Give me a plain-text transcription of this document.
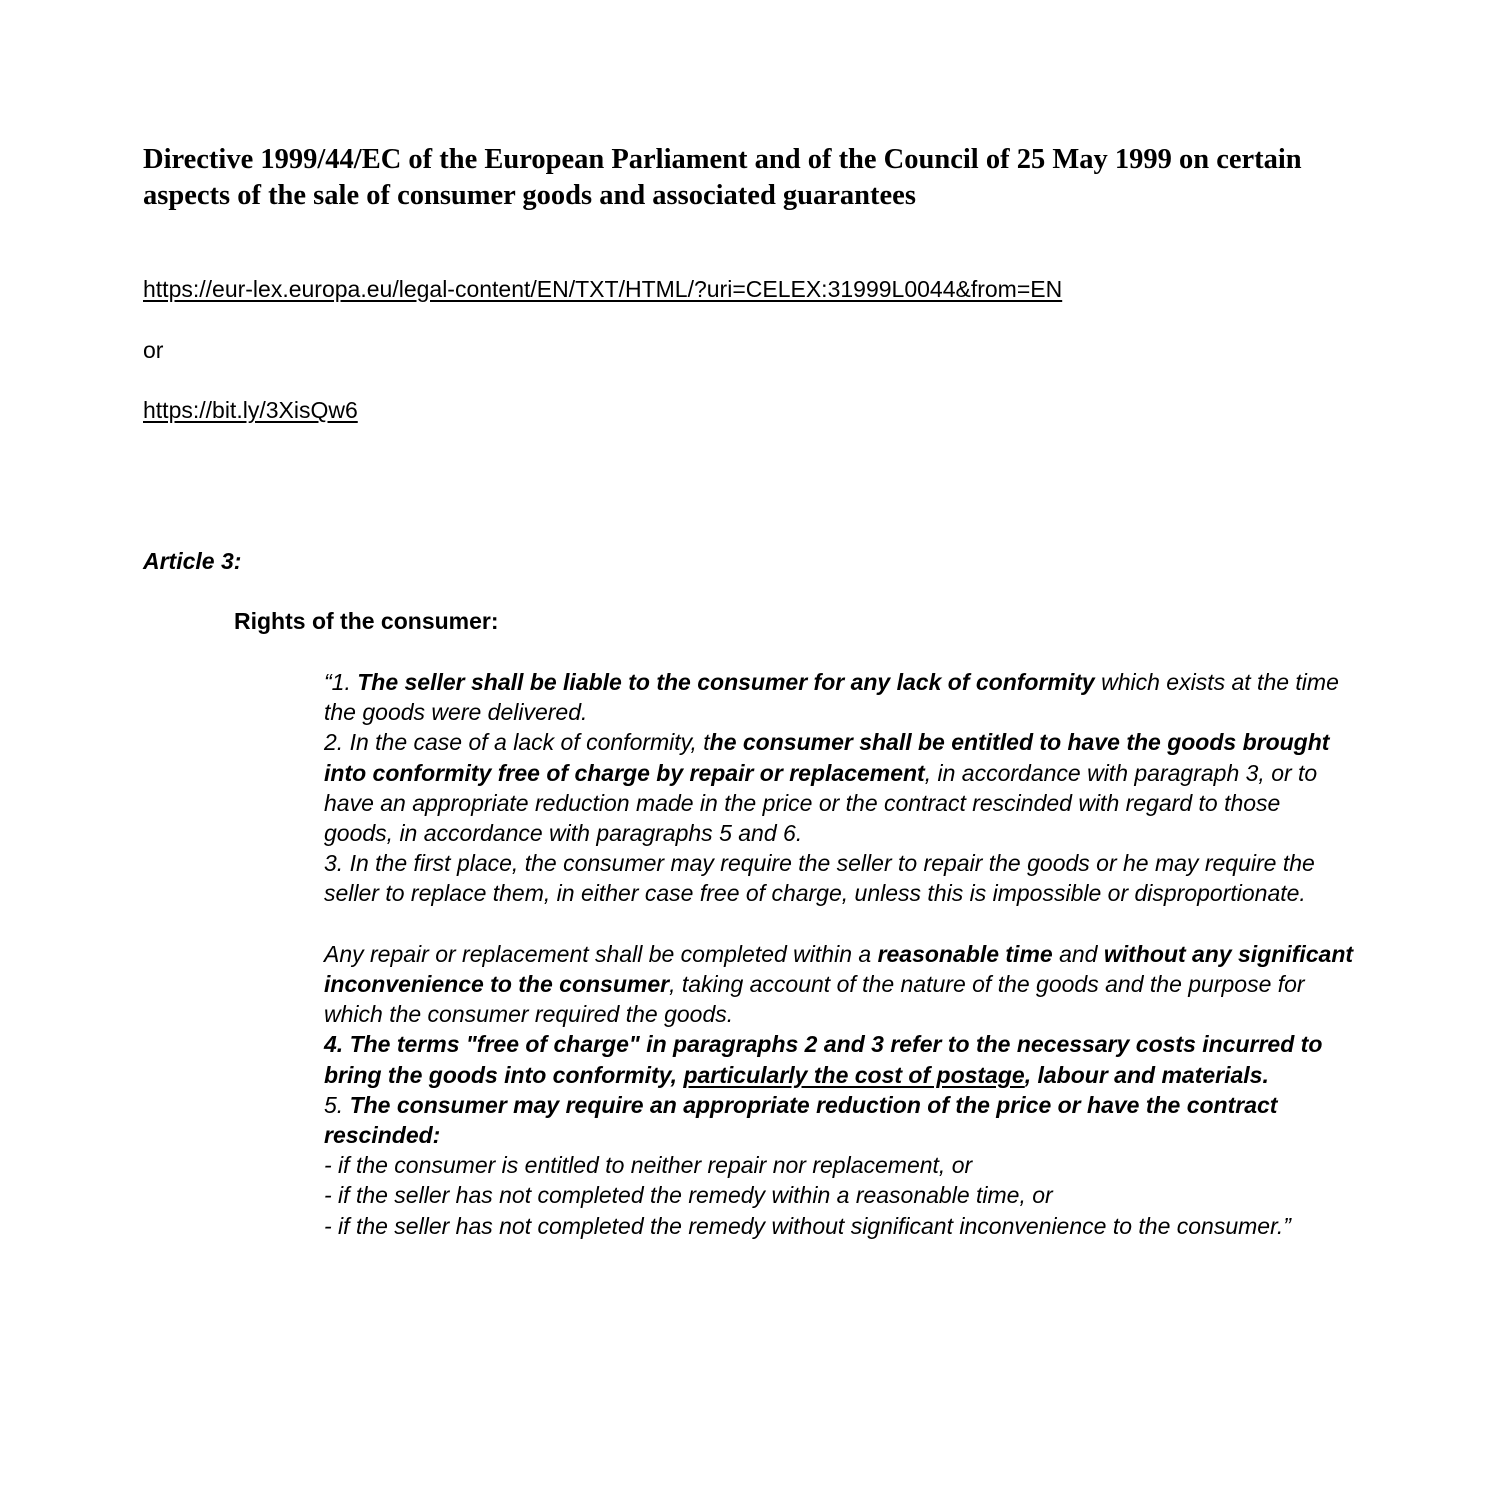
Directive 1999/44/EC of the European Parliament and of the Council of 25 May 1999 on certain aspects of the sale of consumer goods and associated guarantees
https://eur-lex.europa.eu/legal-content/EN/TXT/HTML/?uri=CELEX:31999L0044&from=EN
or
https://bit.ly/3XisQw6
Article 3:
Rights of the consumer:

“1. The seller shall be liable to the consumer for any lack of conformity which exists at the time the goods were delivered.

2. In the case of a lack of conformity, the consumer shall be entitled to have the goods brought into conformity free of charge by repair or replacement, in accordance with paragraph 3, or to have an appropriate reduction made in the price or the contract rescinded with regard to those goods, in accordance with paragraphs 5 and 6.

3. In the first place, the consumer may require the seller to repair the goods or he may require the seller to replace them, in either case free of charge, unless this is impossible or disproportionate.

Any repair or replacement shall be completed within a reasonable time and without any significant inconvenience to the consumer, taking account of the nature of the goods and the purpose for which the consumer required the goods.

4. The terms "free of charge" in paragraphs 2 and 3 refer to the necessary costs incurred to bring the goods into conformity, particularly the cost of postage, labour and materials.

5. The consumer may require an appropriate reduction of the price or have the contract rescinded:

- if the consumer is entitled to neither repair nor replacement, or

- if the seller has not completed the remedy within a reasonable time, or

- if the seller has not completed the remedy without significant inconvenience to the consumer.”
